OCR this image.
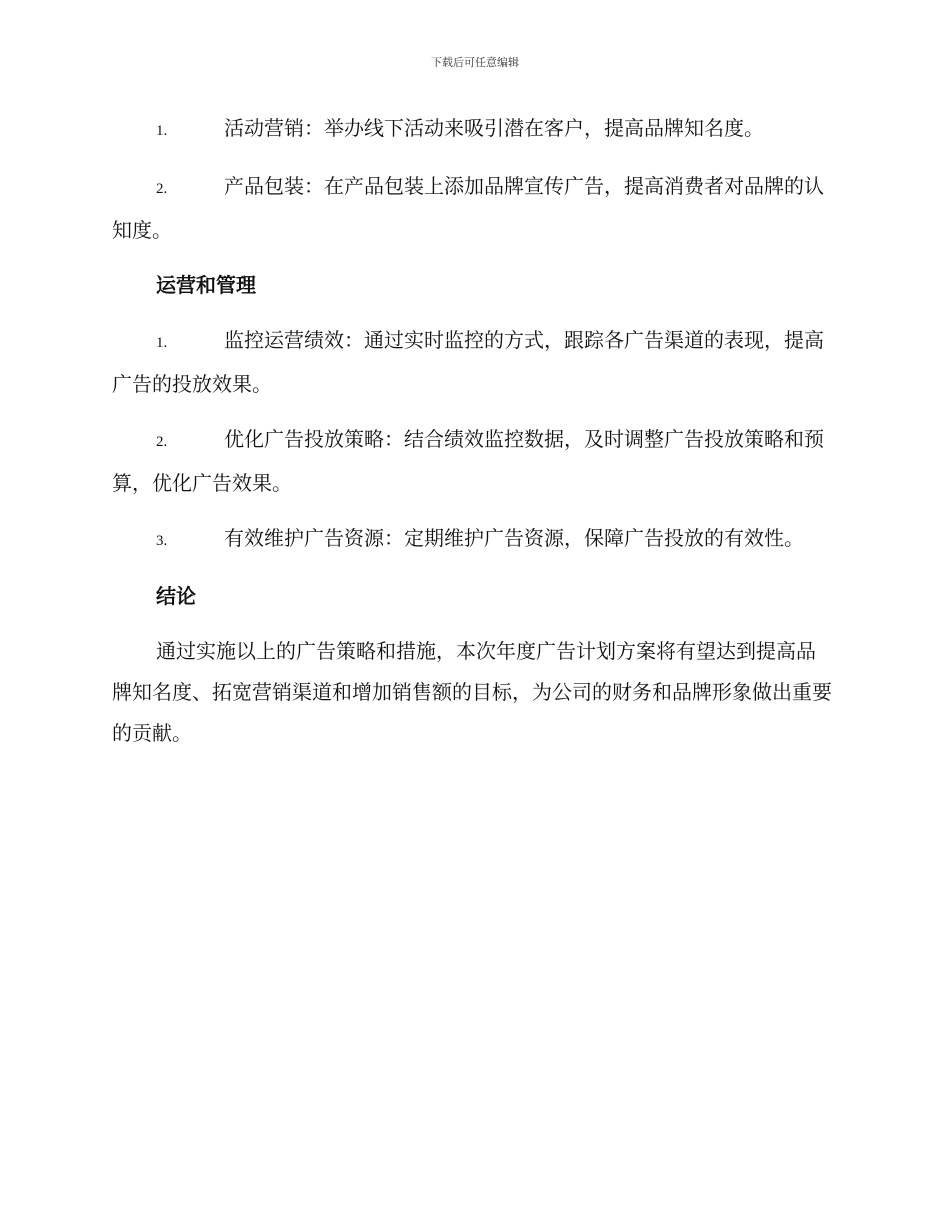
下载后可任意编辑

1.	活动营销：举办线下活动来吸引潜在客户，提高品牌知名度。

2.	产品包装：在产品包装上添加品牌宣传广告，提高消费者对品牌的认知度。

运营和管理

1.	监控运营绩效：通过实时监控的方式，跟踪各广告渠道的表现，提高广告的投放效果。

2.	优化广告投放策略：结合绩效监控数据，及时调整广告投放策略和预算，优化广告效果。

3.	有效维护广告资源：定期维护广告资源，保障广告投放的有效性。

结论

通过实施以上的广告策略和措施，本次年度广告计划方案将有望达到提高品牌知名度、拓宽营销渠道和增加销售额的目标，为公司的财务和品牌形象做出重要的贡献。
